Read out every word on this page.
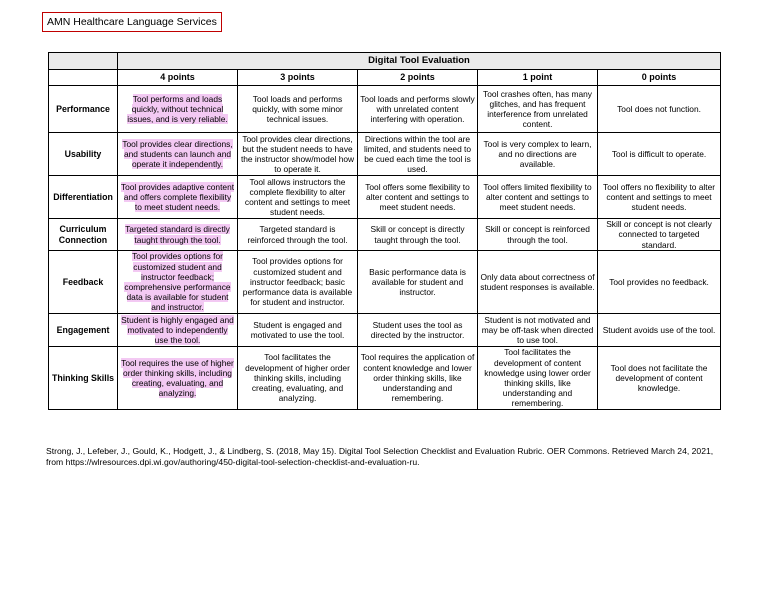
AMN Healthcare Language Services
	Digital Tool Evaluation				
	4 points	3 points	2 points	1 point	0 points
Performance	Tool performs and loads quickly, without technical issues, and is very reliable.	Tool loads and performs quickly, with some minor technical issues.	Tool loads and performs slowly with unrelated content interfering with operation.	Tool crashes often, has many glitches, and has frequent interference from unrelated content.	Tool does not function.
Usability	Tool provides clear directions, and students can launch and operate it independently.	Tool provides clear directions, but the student needs to have the instructor show/model how to operate it.	Directions within the tool are limited, and students need to be cued each time the tool is used.	Tool is very complex to learn, and no directions are available.	Tool is difficult to operate.
Differentiation	Tool provides adaptive content and offers complete flexibility to meet student needs.	Tool allows instructors the complete flexibility to alter content and settings to meet student needs.	Tool offers some flexibility to alter content and settings to meet student needs.	Tool offers limited flexibility to alter content and settings to meet student needs.	Tool offers no flexibility to alter content and settings to meet student needs.
Curriculum Connection	Targeted standard is directly taught through the tool.	Targeted standard is reinforced through the tool.	Skill or concept is directly taught through the tool.	Skill or concept is reinforced through the tool.	Skill or concept is not clearly connected to targeted standard.
Feedback	Tool provides options for customized student and instructor feedback; comprehensive performance data is available for student and instructor.	Tool provides options for customized student and instructor feedback; basic performance data is available for student and instructor.	Basic performance data is available for student and instructor.	Only data about correctness of student responses is available.	Tool provides no feedback.
Engagement	Student is highly engaged and motivated to independently use the tool.	Student is engaged and motivated to use the tool.	Student uses the tool as directed by the instructor.	Student is not motivated and may be off-task when directed to use tool.	Student avoids use of the tool.
Thinking Skills	Tool requires the use of higher order thinking skills, including creating, evaluating, and analyzing.	Tool facilitates the development of higher order thinking skills, including creating, evaluating, and analyzing.	Tool requires the application of content knowledge and lower order thinking skills, like understanding and remembering.	Tool facilitates the development of content knowledge using lower order thinking skills, like understanding and remembering.	Tool does not facilitate the development of content knowledge.
Strong, J., Lefeber, J., Gould, K., Hodgett, J., & Lindberg, S. (2018, May 15). Digital Tool Selection Checklist and Evaluation Rubric. OER Commons. Retrieved March 24, 2021, from https://wlresources.dpi.wi.gov/authoring/450-digital-tool-selection-checklist-and-evaluation-ru.
